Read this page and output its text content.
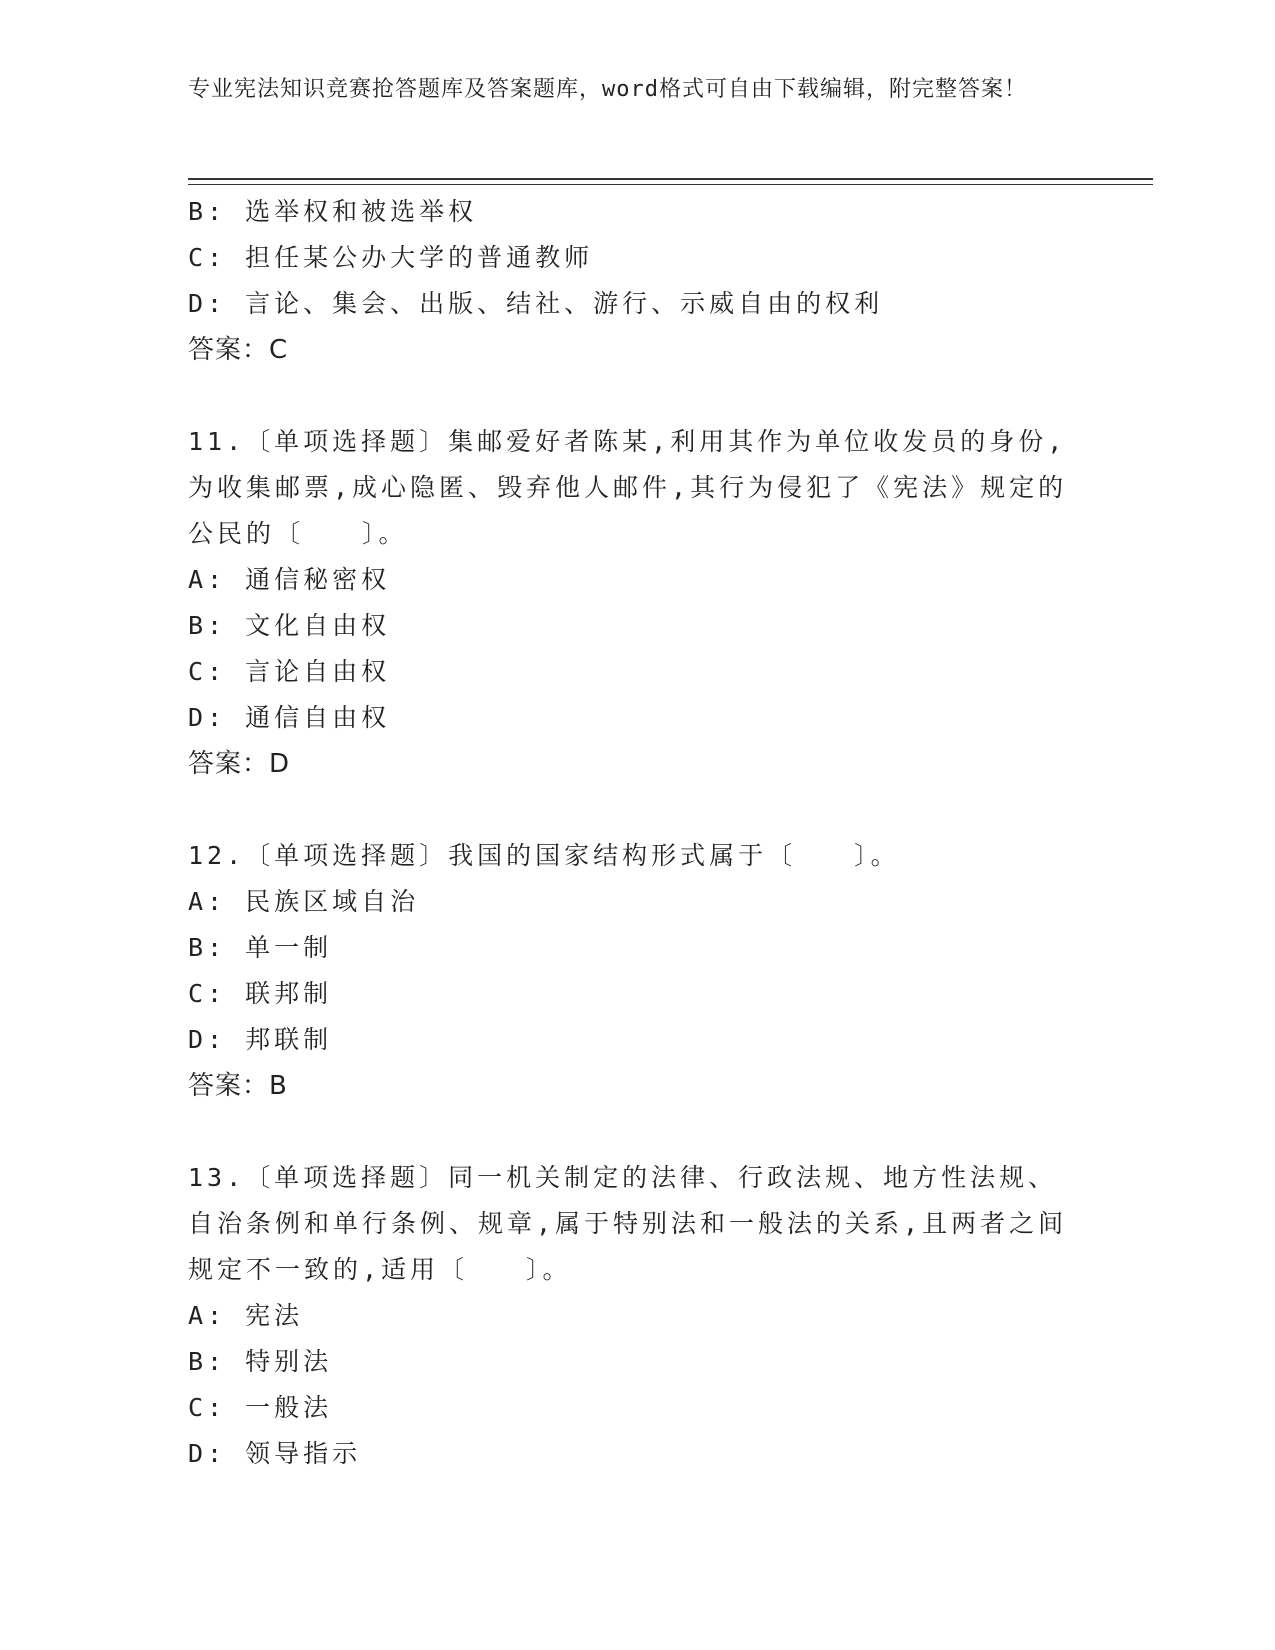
专业宪法知识竞赛抢答题库及答案题库，word格式可自由下载编辑，附完整答案！
B: 选举权和被选举权
C: 担任某公办大学的普通教师
D: 言论、集会、出版、结社、游行、示威自由的权利
答案：C
11.〔单项选择题〕集邮爱好者陈某,利用其作为单位收发员的身份,为收集邮票,成心隐匿、毁弃他人邮件,其行为侵犯了《宪法》规定的公民的〔　　〕。
A: 通信秘密权
B: 文化自由权
C: 言论自由权
D: 通信自由权
答案：D
12.〔单项选择题〕我国的国家结构形式属于〔　　〕。
A: 民族区域自治
B: 单一制
C: 联邦制
D: 邦联制
答案：B
13.〔单项选择题〕同一机关制定的法律、行政法规、地方性法规、自治条例和单行条例、规章,属于特别法和一般法的关系,且两者之间规定不一致的,适用〔　　〕。
A: 宪法
B: 特别法
C: 一般法
D: 领导指示
